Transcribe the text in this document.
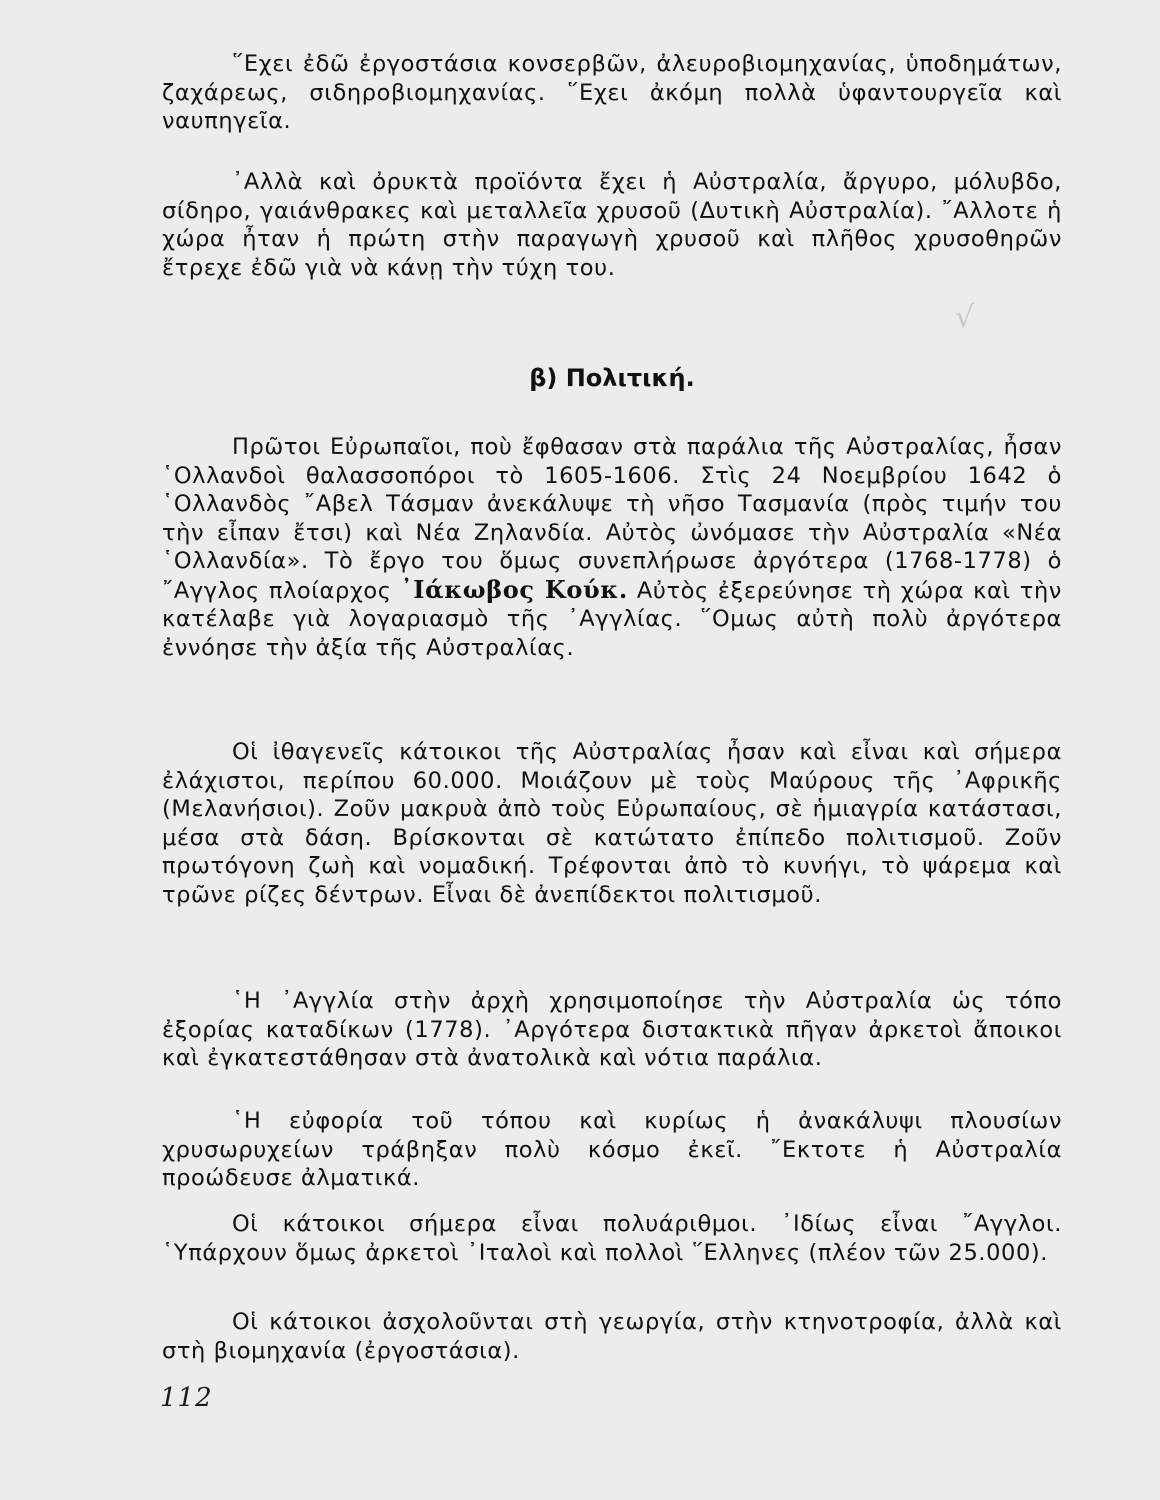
√

῞Εχει ἐδῶ ἐργοστάσια κονσερβῶν, ἀλευροβιομηχανίας, ὑποδημάτων, ζαχάρεως, σιδηροβιομηχανίας. ῞Εχει ἀκόμη πολλὰ ὑφαντουργεῖα καὶ ναυπηγεῖα.

᾿Αλλὰ καὶ ὀρυκτὰ προϊόντα ἔχει ἡ Αὐστραλία, ἄργυρο, μόλυβδο, σίδηρο, γαιάνθρακες καὶ μεταλλεῖα χρυσοῦ (Δυτικὴ Αὐστραλία). ῎Αλλοτε ἡ χώρα ἦταν ἡ πρώτη στὴν παραγωγὴ χρυσοῦ καὶ πλῆθος χρυσοθηρῶν ἔτρεχε ἐδῶ γιὰ νὰ κάνῃ τὴν τύχη του.

β) Πολιτική.

Πρῶτοι Εὐρωπαῖοι, ποὺ ἔφθασαν στὰ παράλια τῆς Αὐστραλίας, ἦσαν ῾Ολλανδοὶ θαλασσοπόροι τὸ 1605-1606. Στὶς 24 Νοεμβρίου 1642 ὁ ῾Ολλανδὸς ῎Αβελ Τάσμαν ἀνεκάλυψε τὴ νῆσο Τασμανία (πρὸς τιμήν του τὴν εἶπαν ἔτσι) καὶ Νέα Ζηλανδία. Αὐτὸς ὠνόμασε τὴν Αὐστραλία «Νέα ῾Ολλανδία». Τὸ ἔργο του ὅμως συνεπλήρωσε ἀργότερα (1768-1778) ὁ ῎Αγγλος πλοίαρχος ᾿Ιάκωβος Κούκ. Αὐτὸς ἐξερεύνησε τὴ χώρα καὶ τὴν κατέλαβε γιὰ λογαριασμὸ τῆς ᾿Αγγλίας. ῞Ομως αὐτὴ πολὺ ἀργότερα ἐννόησε τὴν ἀξία τῆς Αὐστραλίας.

Οἱ ἰθαγενεῖς κάτοικοι τῆς Αὐστραλίας ἦσαν καὶ εἶναι καὶ σήμερα ἐλάχιστοι, περίπου 60.000. Μοιάζουν μὲ τοὺς Μαύρους τῆς ᾿Αφρικῆς (Μελανήσιοι). Ζοῦν μακρυὰ ἀπὸ τοὺς Εὐρωπαίους, σὲ ἡμιαγρία κατάστασι, μέσα στὰ δάση. Βρίσκονται σὲ κατώτατο ἐπίπεδο πολιτισμοῦ. Ζοῦν πρωτόγονη ζωὴ καὶ νομαδική. Τρέφονται ἀπὸ τὸ κυνήγι, τὸ ψάρεμα καὶ τρῶνε ρίζες δέντρων. Εἶναι δὲ ἀνεπίδεκτοι πολιτισμοῦ.

῾Η ᾿Αγγλία στὴν ἀρχὴ χρησιμοποίησε τὴν Αὐστραλία ὡς τόπο ἐξορίας καταδίκων (1778). ᾿Αργότερα διστακτικὰ πῆγαν ἀρκετοὶ ἄποικοι καὶ ἐγκατεστάθησαν στὰ ἀνατολικὰ καὶ νότια παράλια.

῾Η εὐφορία τοῦ τόπου καὶ κυρίως ἡ ἀνακάλυψι πλουσίων χρυσωρυχείων τράβηξαν πολὺ κόσμο ἐκεῖ. ῎Εκτοτε ἡ Αὐστραλία προώδευσε ἀλματικά.

Οἱ κάτοικοι σήμερα εἶναι πολυάριθμοι. ᾿Ιδίως εἶναι ῎Αγγλοι. ῾Υπάρχουν ὅμως ἀρκετοὶ ᾿Ιταλοὶ καὶ πολλοὶ ῞Ελληνες (πλέον τῶν 25.000).

Οἱ κάτοικοι ἀσχολοῦνται στὴ γεωργία, στὴν κτηνοτροφία, ἀλλὰ καὶ στὴ βιομηχανία (ἐργοστάσια).

112
